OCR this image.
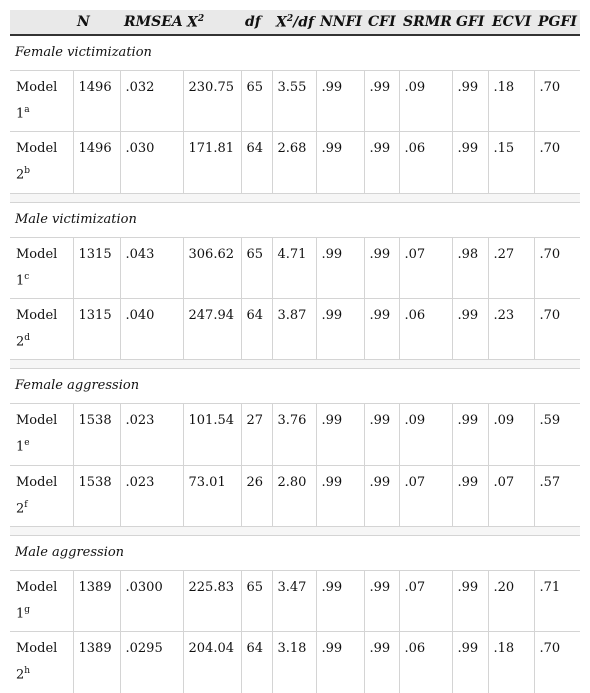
	N	RMSEA	$X^2$	df	$X^2/df$	NNFI	CFI	SRMR	GFI	ECVI	PGFI
Female victimization											
Model
1$^a$	1496	.032	230.75	65	3.55	.99	.99	.09	.99	.18	.70
Model
2$^b$	1496	.030	171.81	64	2.68	.99	.99	.06	.99	.15	.70

Male victimization											
Model
1$^c$	1315	.043	306.62	65	4.71	.99	.99	.07	.98	.27	.70
Model
2$^d$	1315	.040	247.94	64	3.87	.99	.99	.06	.99	.23	.70

Female aggression											
Model
1e	1538	.023	101.54	27	3.76	.99	.99	.09	.99	.09	.59
Model
2$^f$	1538	.023	73.01	26	2.80	.99	.99	.07	.99	.07	.57

Male aggression											
Model
1$^g$	1389	.0300	225.83	65	3.47	.99	.99	.07	.99	.20	.71
Model
2$^h$	1389	.0295	204.04	64	3.18	.99	.99	.06	.99	.18	.70
